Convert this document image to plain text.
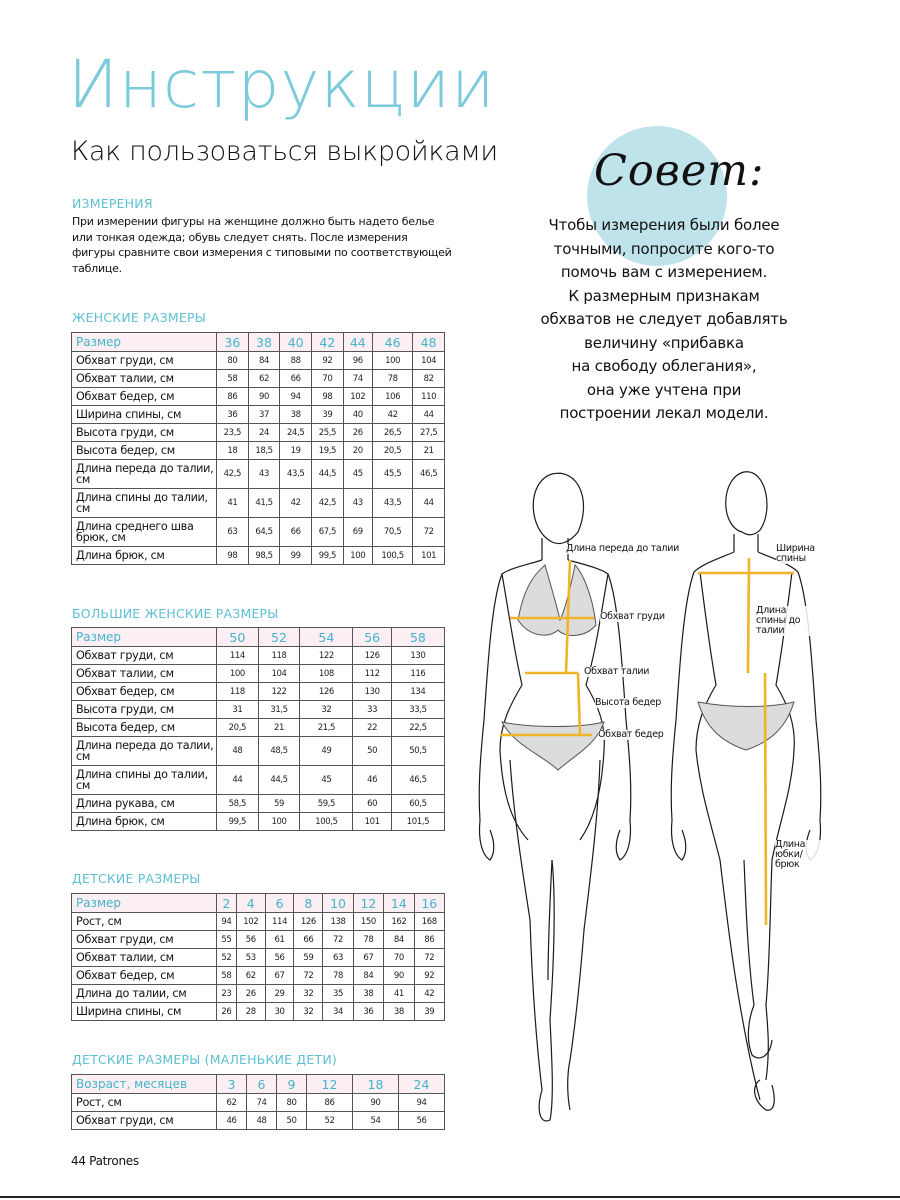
Инструкции
Как пользоваться выкройками
ИЗМЕРЕНИЯ
При измерении фигуры на женщине должно быть надето белье или тонкая одежда; обувь следует снять. После измерения фигуры сравните свои измерения с типовыми по соответствующей таблице.
ЖЕНСКИЕ РАЗМЕРЫ
Размер	36	38	40	42	44	46	48
Обхват груди, см	80	84	88	92	96	100	104
Обхват талии, см	58	62	66	70	74	78	82
Обхват бедер, см	86	90	94	98	102	106	110
Ширина спины, см	36	37	38	39	40	42	44
Высота груди, см	23,5	24	24,5	25,5	26	26,5	27,5
Высота бедер, см	18	18,5	19	19,5	20	20,5	21
Длина переда до талии, см	42,5	43	43,5	44,5	45	45,5	46,5
Длина спины до талии, см	41	41,5	42	42,5	43	43,5	44
Длина среднего шва брюк, см	63	64,5	66	67,5	69	70,5	72
Длина брюк, см	98	98,5	99	99,5	100	100,5	101
БОЛЬШИЕ ЖЕНСКИЕ РАЗМЕРЫ
Размер	50	52	54	56	58
Обхват груди, см	114	118	122	126	130
Обхват талии, см	100	104	108	112	116
Обхват бедер, см	118	122	126	130	134
Высота груди, см	31	31,5	32	33	33,5
Высота бедер, см	20,5	21	21,5	22	22,5
Длина переда до талии, см	48	48,5	49	50	50,5
Длина спины до талии, см	44	44,5	45	46	46,5
Длина рукава, см	58,5	59	59,5	60	60,5
Длина брюк, см	99,5	100	100,5	101	101,5
ДЕТСКИЕ РАЗМЕРЫ
Размер	2	4	6	8	10	12	14	16
Рост, см	94	102	114	126	138	150	162	168
Обхват груди, см	55	56	61	66	72	78	84	86
Обхват талии, см	52	53	56	59	63	67	70	72
Обхват бедер, см	58	62	67	72	78	84	90	92
Длина до талии, см	23	26	29	32	35	38	41	42
Ширина спины, см	26	28	30	32	34	36	38	39
ДЕТСКИЕ РАЗМЕРЫ (МАЛЕНЬКИЕ ДЕТИ)
Возраст, месяцев	3	6	9	12	18	24
Рост, см	62	74	80	86	90	94
Обхват груди, см	46	48	50	52	54	56
Совет:
Чтобы измерения были более
точными, попросите кого-то
помочь вам с измерением.
К размерным признакам
обхватов не следует добавлять
величину «прибавка
на свободу облегания»,
она уже учтена при
построении лекал модели.
Длина переда до талии
Обхват груди
Обхват талии
Высота бедер
Обхват бедер
Ширина спины
Длина спины до талии
Длина юбки/брюк
44 Patrones
